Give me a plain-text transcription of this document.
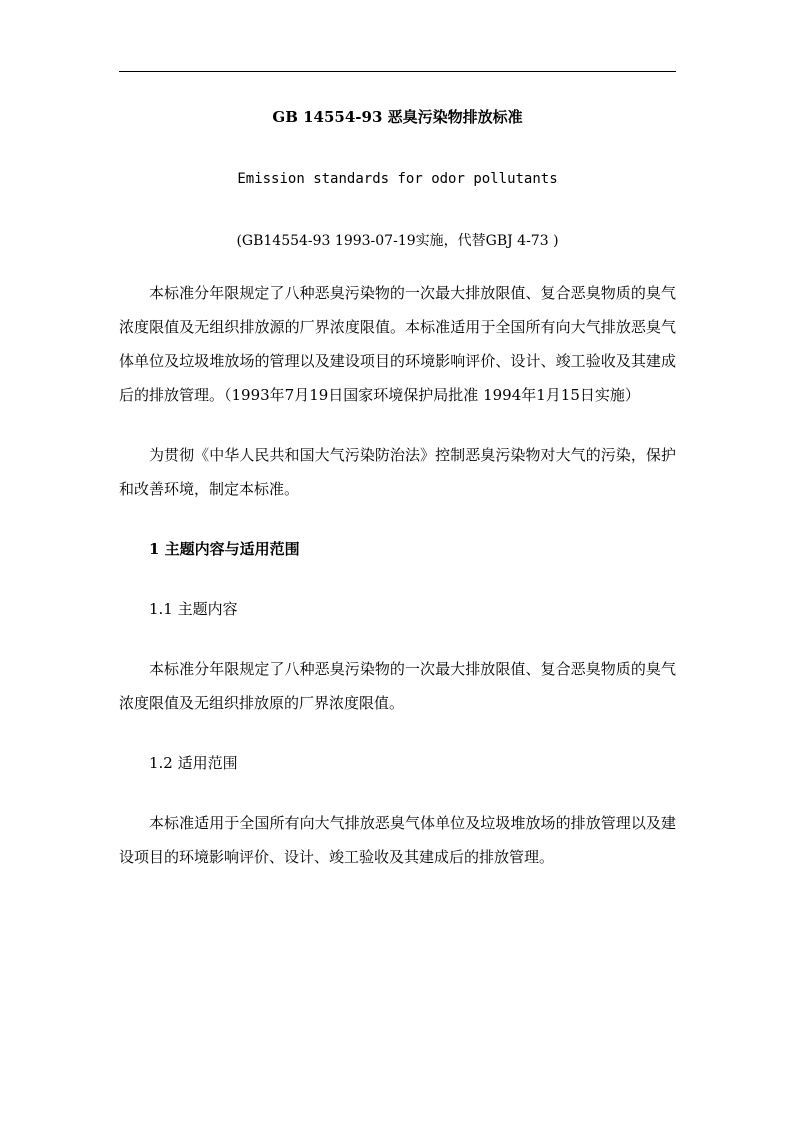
GB 14554-93 恶臭污染物排放标准

Emission standards for odor pollutants

(GB14554-93 1993-07-19实施，代替GBJ 4-73 )

本标准分年限规定了八种恶臭污染物的一次最大排放限值、复合恶臭物质的臭气浓度限值及无组织排放源的厂界浓度限值。本标准适用于全国所有向大气排放恶臭气体单位及垃圾堆放场的管理以及建设项目的环境影响评价、设计、竣工验收及其建成后的排放管理。（1993年7月19日国家环境保护局批准 1994年1月15日实施）

为贯彻《中华人民共和国大气污染防治法》控制恶臭污染物对大气的污染，保护和改善环境，制定本标准。

1 主题内容与适用范围

1.1 主题内容

本标准分年限规定了八种恶臭污染物的一次最大排放限值、复合恶臭物质的臭气浓度限值及无组织排放原的厂界浓度限值。

1.2 适用范围

本标准适用于全国所有向大气排放恶臭气体单位及垃圾堆放场的排放管理以及建设项目的环境影响评价、设计、竣工验收及其建成后的排放管理。
